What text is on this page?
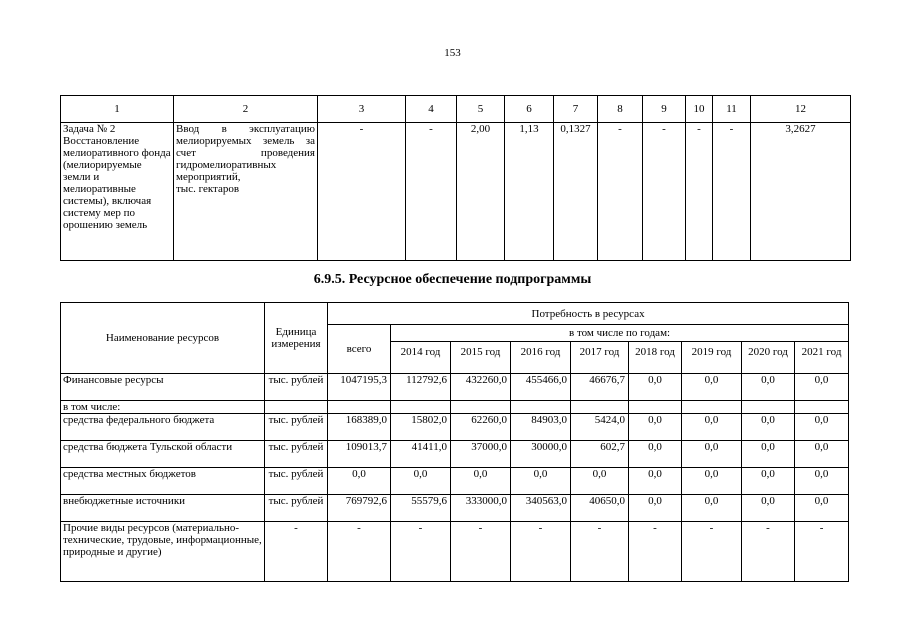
153
1	2	3	4	5	6	7	8	9	10	11	12
Задача № 2 Восстановление мелиоративного фонда (мелиорируемые земли и мелиоративные системы), включая систему мер по орошению земель	Ввод в эксплуатацию мелиорируемых земель за счет проведения гидромелиоративных мероприятий,
тыс. гектаров	-	-	2,00	1,13	0,1327	-	-	-	-	3,2627
6.9.5. Ресурсное обеспечение подпрограммы
Наименование ресурсов	Единица измерения	Потребность в ресурсах								
		всего	в том числе по годам:							
			2014 год	2015 год	2016 год	2017 год	2018 год	2019 год	2020 год	2021 год
Финансовые ресурсы	тыс. рублей	1047195,3	112792,6	432260,0	455466,0	46676,7	0,0	0,0	0,0	0,0
в том числе:										
средства федерального бюджета	тыс. рублей	168389,0	15802,0	62260,0	84903,0	5424,0	0,0	0,0	0,0	0,0
средства бюджета Тульской области	тыс. рублей	109013,7	41411,0	37000,0	30000,0	602,7	0,0	0,0	0,0	0,0
средства местных бюджетов	тыс. рублей	0,0	0,0	0,0	0,0	0,0	0,0	0,0	0,0	0,0
внебюджетные источники	тыс. рублей	769792,6	55579,6	333000,0	340563,0	40650,0	0,0	0,0	0,0	0,0
Прочие виды ресурсов (материально-технические, трудовые, информационные, природные и другие)	-	-	-	-	-	-	-	-	-	-
